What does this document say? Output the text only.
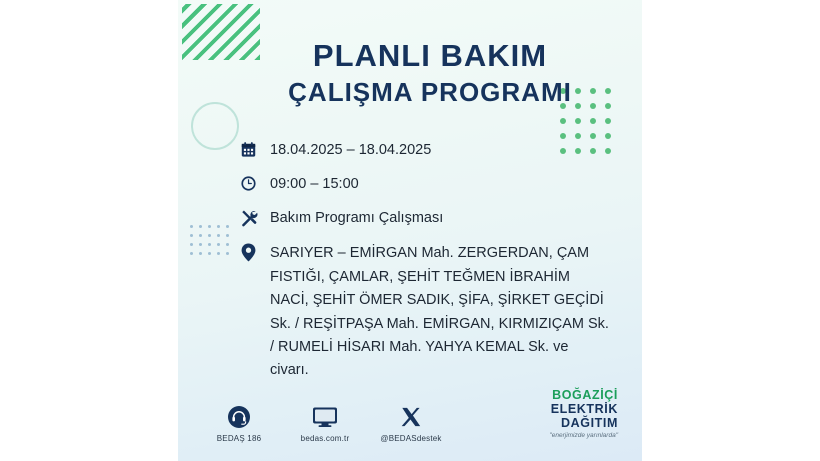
PLANLI BAKIM
ÇALIŞMA PROGRAMI
18.04.2025 – 18.04.2025
09:00 – 15:00
Bakım Programı Çalışması
SARIYER – EMİRGAN Mah. ZERGERDAN, ÇAM FISTIĞI, ÇAMLAR, ŞEHİT TEĞMEN İBRAHİM NACİ, ŞEHİT ÖMER SADIK, ŞİFA, ŞİRKET GEÇİDİ Sk. / REŞİTPAŞA Mah. EMİRGAN, KIRMIZIÇAM Sk. / RUMELİ HİSARI Mah. YAHYA KEMAL Sk. ve civarı.
BEDAŞ 186	bedas.com.tr	@BEDASdestek
BOĞAZİÇİ
ELEKTRİK
DAĞITIM
"enerjimizde yarınlarda"
